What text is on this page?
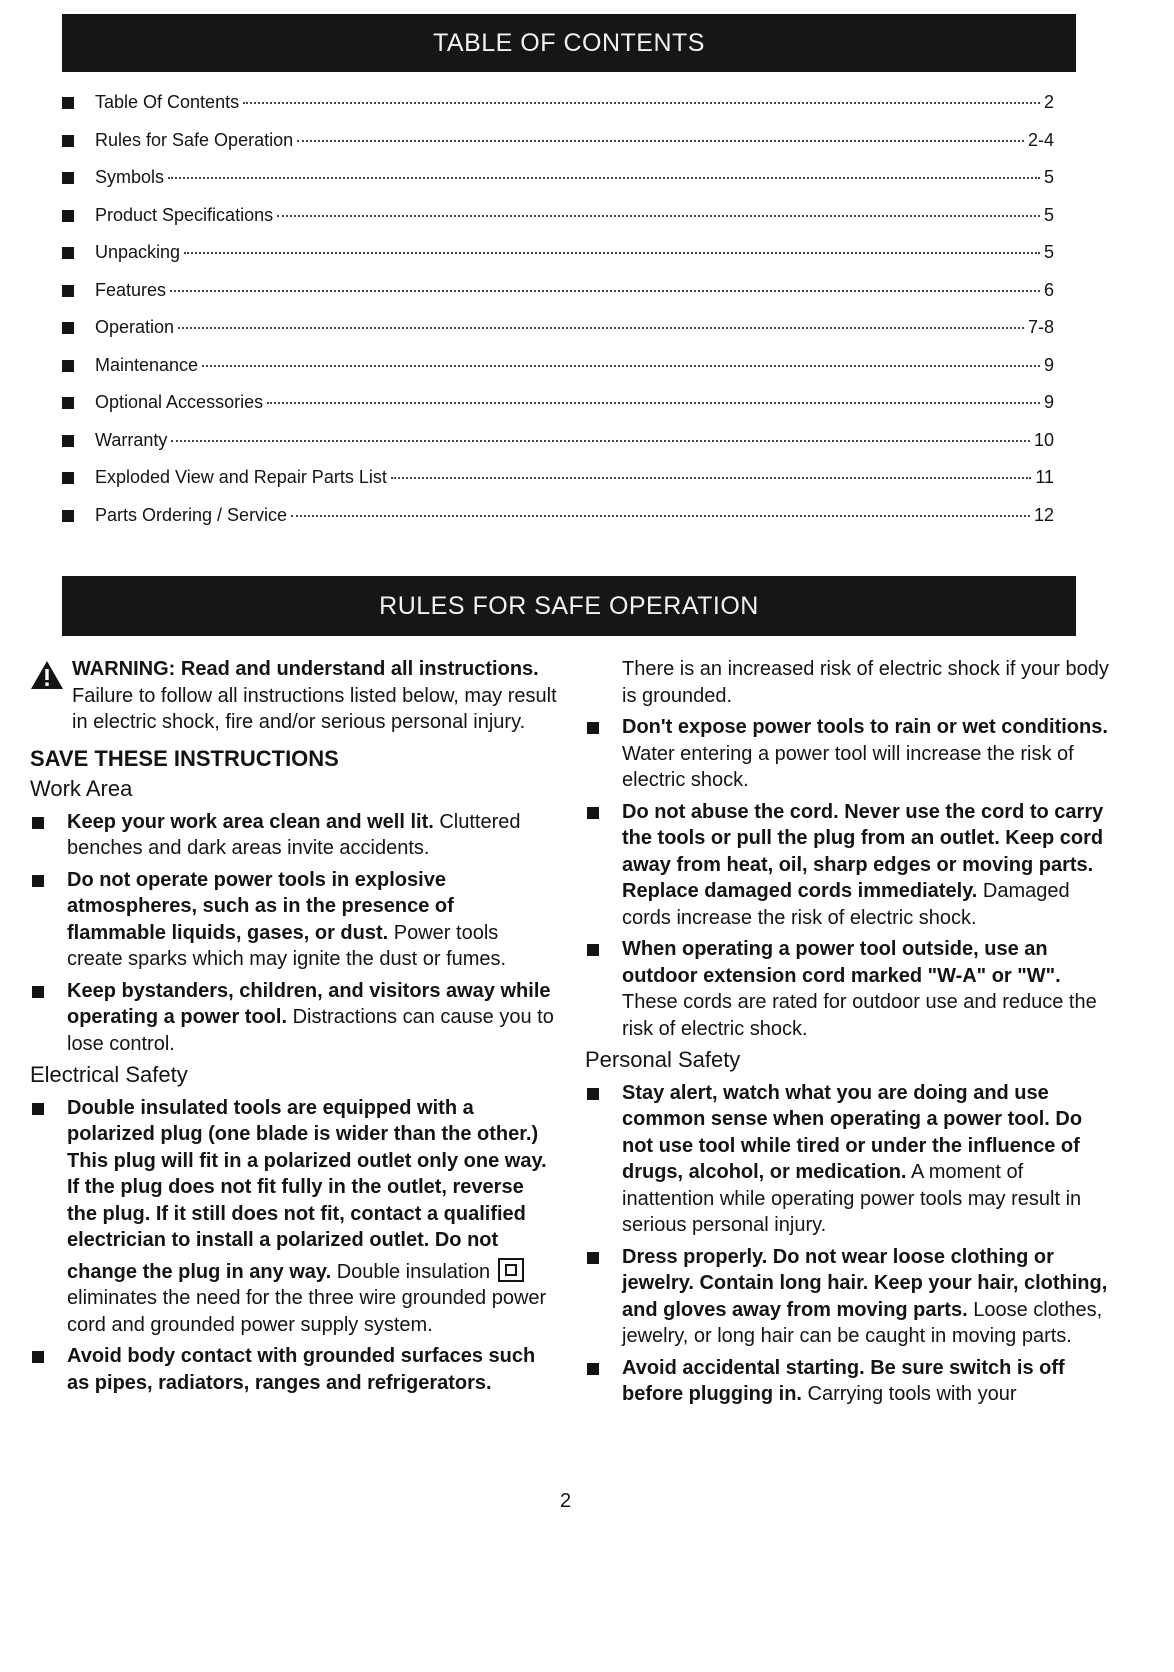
TABLE OF CONTENTS
Table Of Contents	2
Rules for Safe Operation	2-4
Symbols	5
Product Specifications	5
Unpacking	5
Features	6
Operation	7-8
Maintenance	9
Optional Accessories	9
Warranty	10
Exploded View and Repair Parts List	11
Parts Ordering / Service	12
RULES FOR SAFE OPERATION
WARNING: Read and understand all instructions. Failure to follow all instructions listed below, may result in electric shock, fire and/or serious personal injury.
SAVE THESE INSTRUCTIONS
Work Area
Keep your work area clean and well lit. Cluttered benches and dark areas invite accidents.
Do not operate power tools in explosive atmospheres, such as in the presence of flammable liquids, gases, or dust. Power tools create sparks which may ignite the dust or fumes.
Keep bystanders, children, and visitors away while operating a power tool. Distractions can cause you to lose control.
Electrical Safety
Double insulated tools are equipped with a polarized plug (one blade is wider than the other.) This plug will fit in a polarized outlet only one way. If the plug does not fit fully in the outlet, reverse the plug. If it still does not fit, contact a qualified electrician to install a polarized outlet. Do not change the plug in any way. Double insulation  eliminates the need for the three wire grounded power cord and grounded power supply system.
Avoid body contact with grounded surfaces such as pipes, radiators, ranges and refrigerators.
There is an increased risk of electric shock if your body is grounded.
Don't expose power tools to rain or wet conditions. Water entering a power tool will increase the risk of electric shock.
Do not abuse the cord. Never use the cord to carry the tools or pull the plug from an outlet. Keep cord away from heat, oil, sharp edges or moving parts. Replace damaged cords immediately. Damaged cords increase the risk of electric shock.
When operating a power tool outside, use an outdoor extension cord marked "W-A" or "W". These cords are rated for outdoor use and reduce the risk of electric shock.
Personal Safety
Stay alert, watch what you are doing and use common sense when operating a power tool. Do not use tool while tired or under the influence of drugs, alcohol, or medication. A moment of inattention while operating power tools may result in serious personal injury.
Dress properly. Do not wear loose clothing or jewelry. Contain long hair. Keep your hair, clothing, and gloves away from moving parts. Loose clothes, jewelry, or long hair can be caught in moving parts.
Avoid accidental starting. Be sure switch is off before plugging in. Carrying tools with your
2
